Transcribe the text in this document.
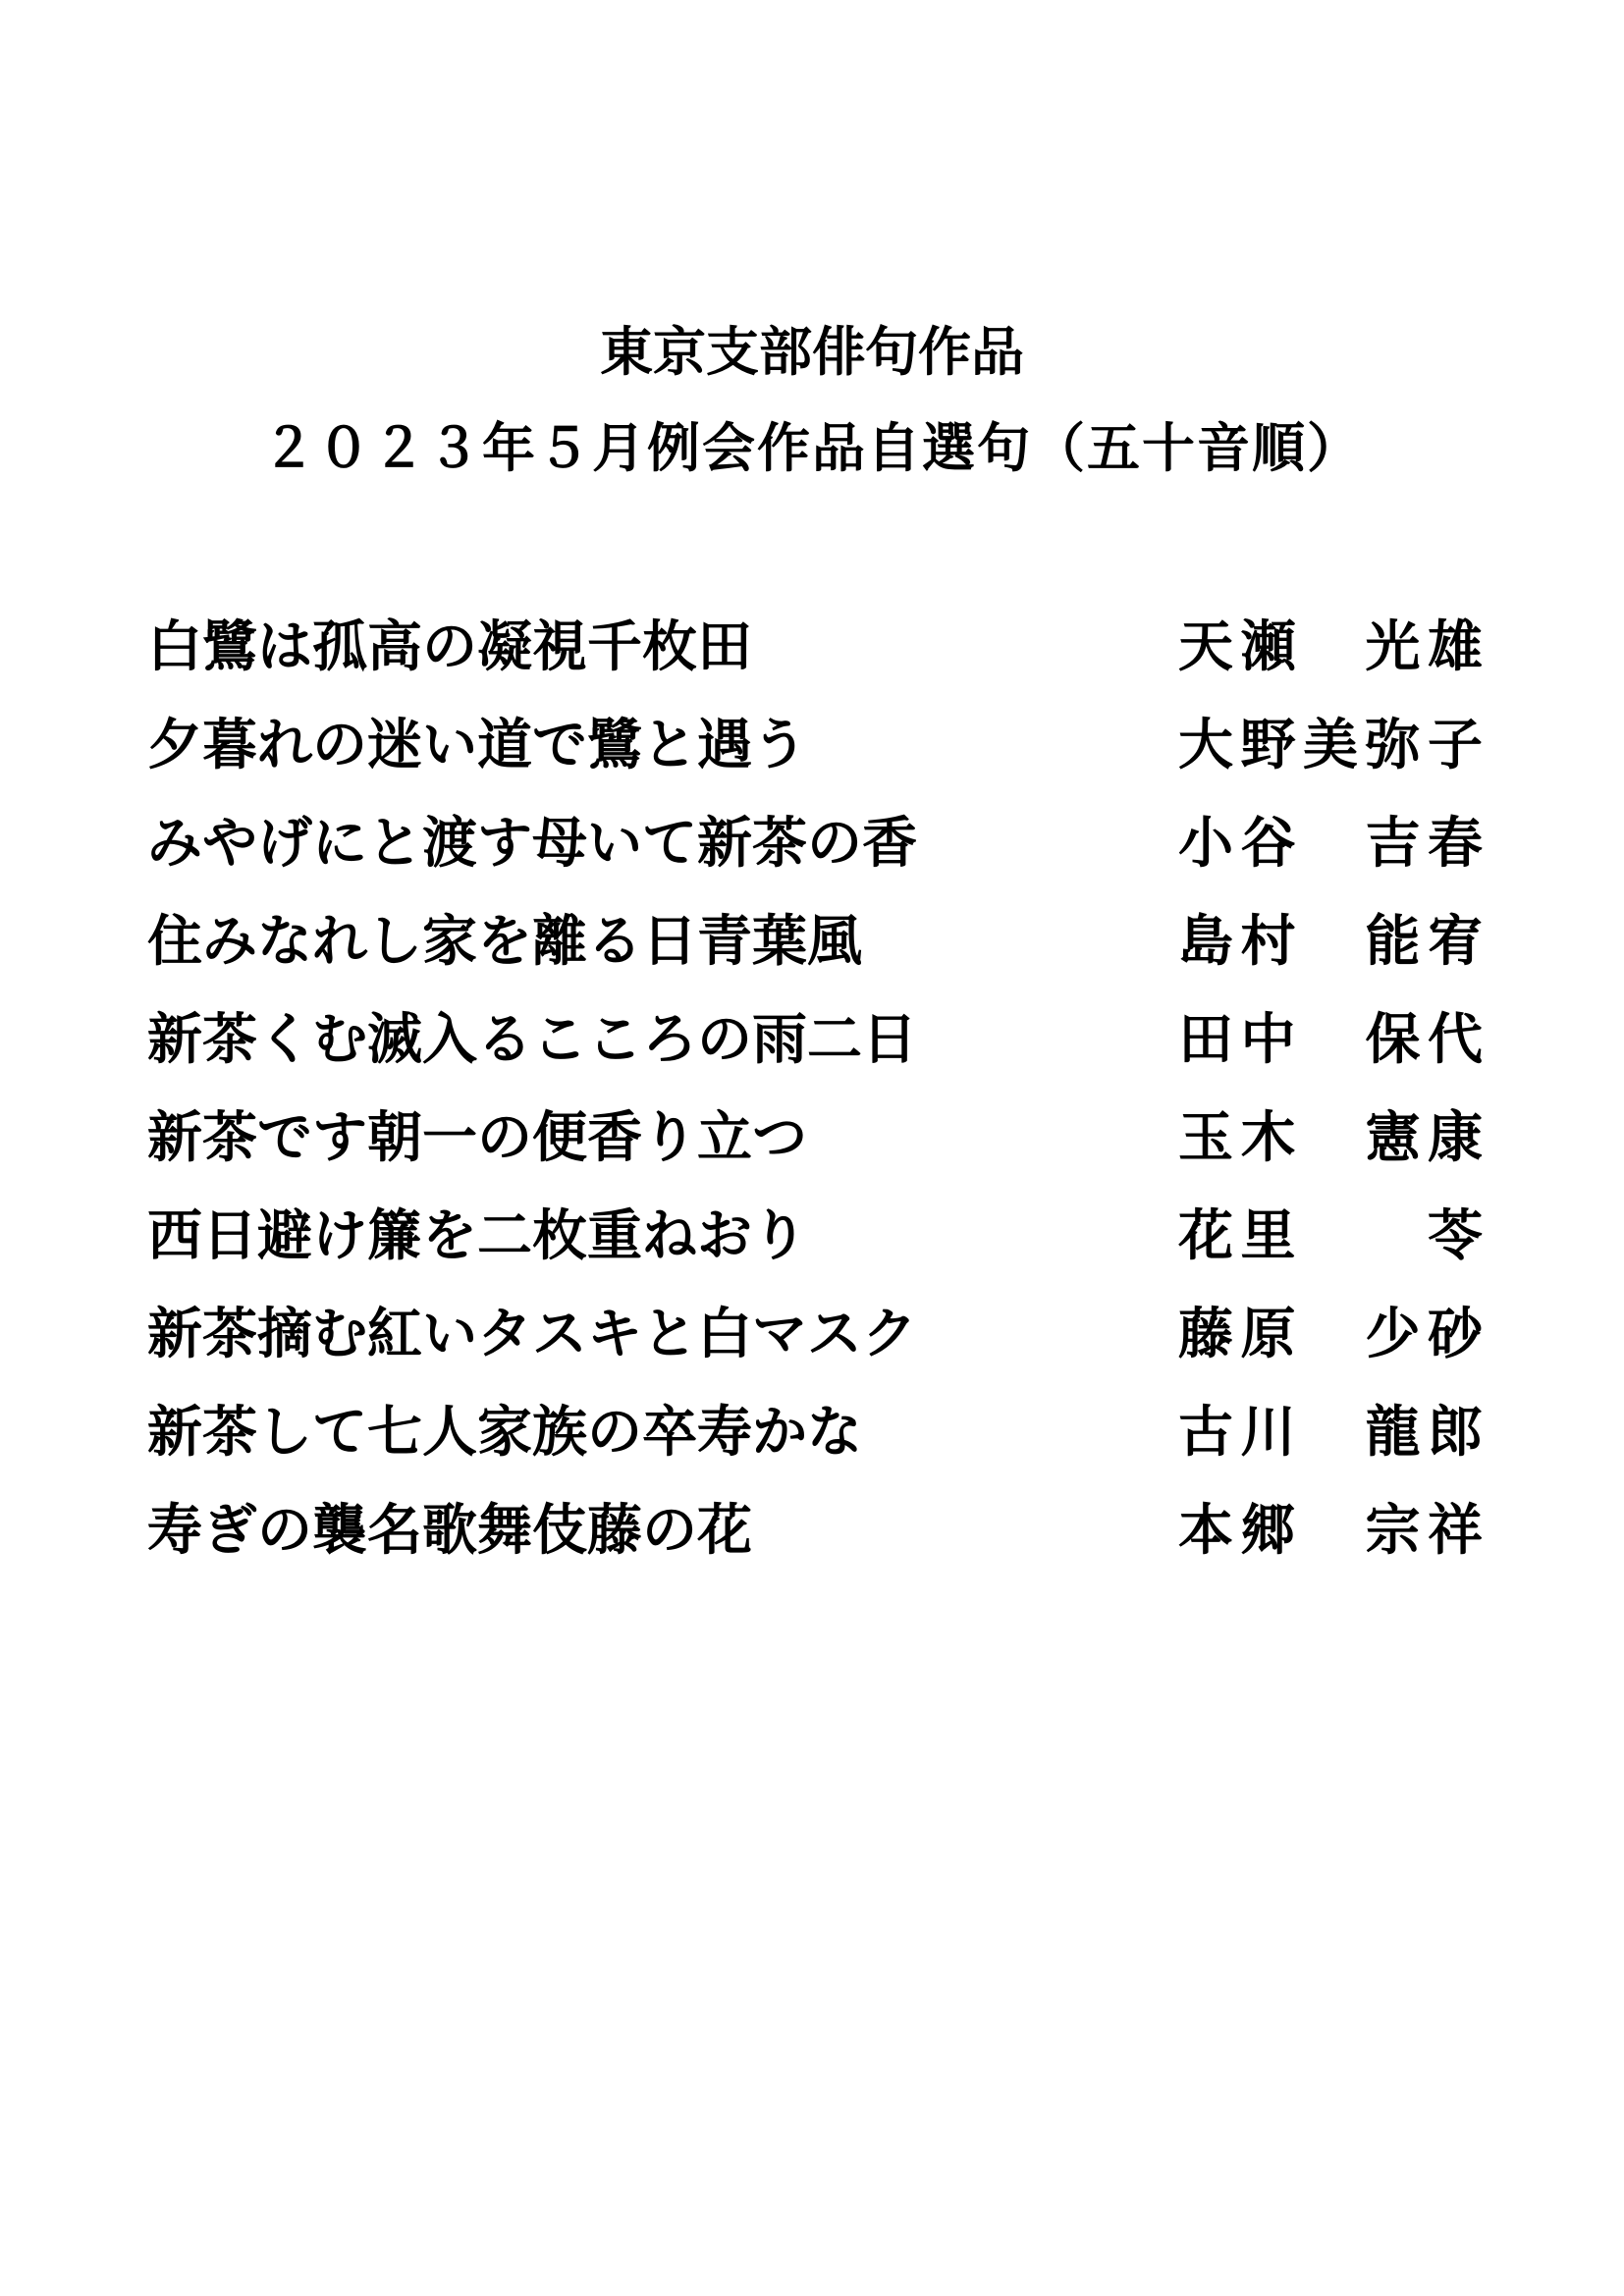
東京支部俳句作品
２０２３年５月例会作品自選句（五十音順）
白鷺は孤高の凝視千枚田	天瀬　光雄
夕暮れの迷い道で鷺と遇う	大野美弥子
みやげにと渡す母いて新茶の香	小谷　吉春
住みなれし家を離る日青葉風	島村　能宥
新茶くむ滅入るこころの雨二日	田中　保代
新茶です朝一の便香り立つ	玉木　憲康
西日避け簾を二枚重ねおり	花里　　苓
新茶摘む紅いタスキと白マスク	藤原　少砂
新茶して七人家族の卒寿かな	古川　龍郎
寿ぎの襲名歌舞伎藤の花	本郷　宗祥
